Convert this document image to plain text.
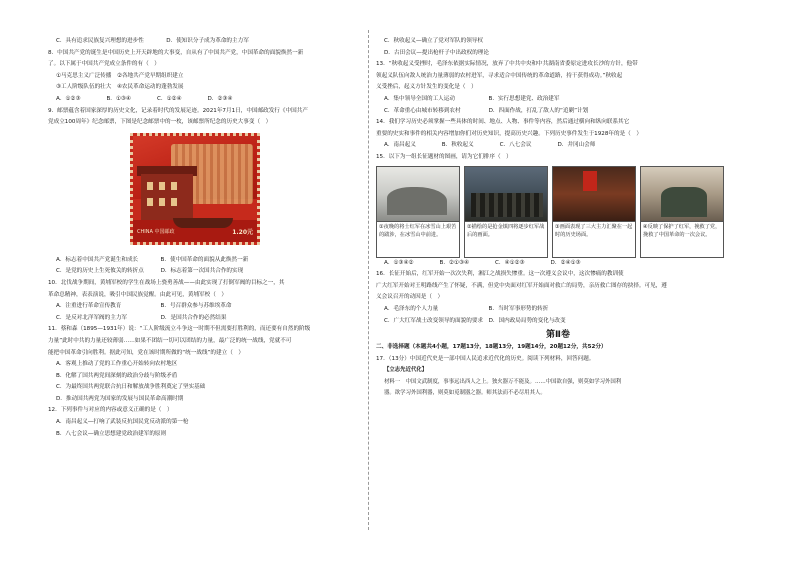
C．具有追求民族复兴理想的进步性　　　　D．使知识分子成为革命的主力军
8．中国共产党的诞生是中国历史上开天辟地的大事变，自从有了中国共产党，中国革命的面貌焕然一新
了。以下属于中国共产党成立条件的有（　）
①马克思主义广泛传播　②各地共产党早期组织建立
③工人阶级队伍的壮大　④农民革命运动的蓬勃发展
A．①②③	B．①③④	C．①②④	D．②③④
9．邮票蕴含着国家深厚的历史文化，记录着时代的发展足迹。2021年7月1日，中国邮政发行《中国共产
党成立100周年》纪念邮票，下图是纪念邮票中的一枚，该邮票所纪念的历史大事变（　）
CHINA 中国邮政	1.20元
A．标志着中国共产党诞生和成长　　　　B．使中国革命的面貌从此焕然一新
C．是党的历史上生死攸关的转折点　　　D．标志着第一次国共合作的实现
10．北伐战争期间，黄埔军校的学生在战场上骁勇善战——由此实现了打倒军阀的目标之一，其
革命总精神，表表演说，吸引中国民族觉醒。由此可见，黄埔军校（　）
A．注重进行革命宣传教育　　　　　　　B．号召群众参与苏维埃革命
C．是反对北洋军阀的主力军　　　　　　D．是国共合作的必然结果
11．蔡和森（1895—1931年）说：“工人阶级流立斗争这一时期不但需要打胜利的，而还要有自然的阶级
力量”此时中共的力量还较薄弱……如果不团结一切可以团结的力量，最广泛的统一战线，党就不可
能把中国革命引向胜利。据此可知，党在该时期所做的“统一战线”的建立（　）
A．客观上推动了党的工作重心开始转向农村地区
B．化解了国共两党间深刻的政治分歧与阶级矛盾
C．为最终国共两党联合抗日和解放战争胜利奠定了坚实基础
D．推动国共两党为国家的发展与国民革命高潮时期
12．下列事件与对应的内容或意义正确的是（　）
A．南昌起义—打响了武装反抗国民党反动派的第一枪
B．八七会议—确立思想建党政治建军的原则
C．秋收起义—确立了党对军队的领导权
D．古田会议—提出枪杆子中出政权的理论
13．“秋收起义受挫时，毛泽东依据实际情况，放弃了中共中央和中共湖南省委原定进攻长沙的方针，他带
领起义队伍向敌人统治力量薄弱的农村进军，寻求适合中国传统的革命道路，持干获得成功。”秋收起
义受挫后，起义方针发生的变化是（　）
A．集中领导全国的工人运动　　　　　　B．实行思想建党、政治建军
C．革命重心由城市转移到农村　　　　　D．四面作战，打乱了敌人的“追剿”计划
14．我们学习历史必须掌握一些具体的时间、地点、人物、事件等内容，然后通过横向和纵向联系其它
重要的史实和事件的相关内容增加你们对历史知识，提高历史兴趣。下列历史事件发生于1928年的是（　）
A．南昌起义	B．秋收起义	C．八七会议	D．井冈山会师
15．以下为一组长征题材的图画，请为它们排序（　）
①夜晚的将士红军在冰雪山上艰苦的跋涉，在冰雪山中前进。
②描绘的是抢金镇四将逐步红军战后的画面。
③画面表现了三大主力汇聚在一起时的历史场面。
④反映了保护了红军，挽救了党，挽救了中国革命的一次会议。
A．①③④②	B．②①③④	C．④①②③	D．②④①③
16．长征开始后，红军开始一次次失利，湘江之战损失惨重。这一次遵义会议中，这次惨痛的教训使
广大红军开始对王明路线产生了怀疑，不满，但党中央面对红军开始面对救亡的局势，亲历救亡图存的抉择。可见，遵
义会议召开的动因是（　）
A．毛泽东的个人力量　　　　　　　　　B．当时军事形势的转折
C．广大红军战士改变领导的面貌的要求　D．国内政局局势的变化与改变
第Ⅱ卷
二、非选择题（本题共4小题，17题13分，18题13分，19题14分，20题12分，共52分）
17．（13分）中国近代史是一部中国人民追求近代化的历史。阅读下列材料，回答问题。
【立志先近代化】
材料一　中国文武制度，事事远出西人之上。独火器万不能及。……中国欲自强，则莫如学习外国利
器。欲学习外国利器，则莫如觅制器之器。师其法而不必尽用其人。
